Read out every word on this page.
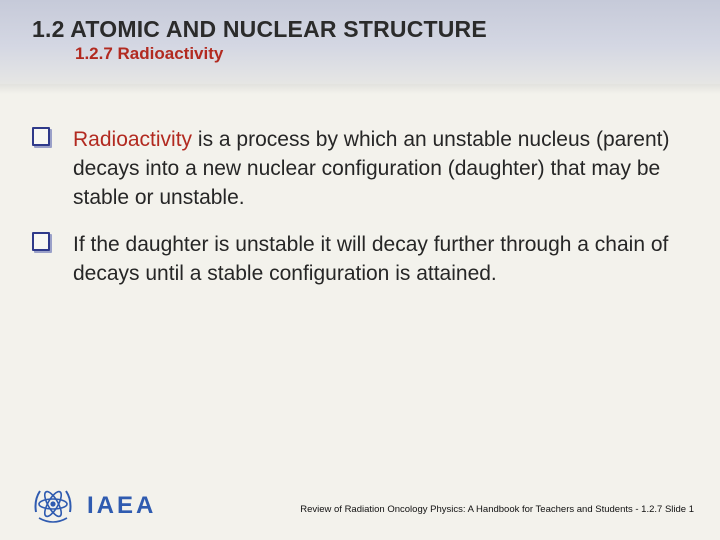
1.2 ATOMIC AND NUCLEAR STRUCTURE
1.2.7 Radioactivity
Radioactivity is a process by which an unstable nucleus (parent) decays into a new nuclear configuration (daughter) that may be stable or unstable.
If the daughter is unstable it will decay further through a chain of decays until a stable configuration is attained.
IAEA	Review of Radiation Oncology Physics: A Handbook for Teachers and Students - 1.2.7 Slide 1
